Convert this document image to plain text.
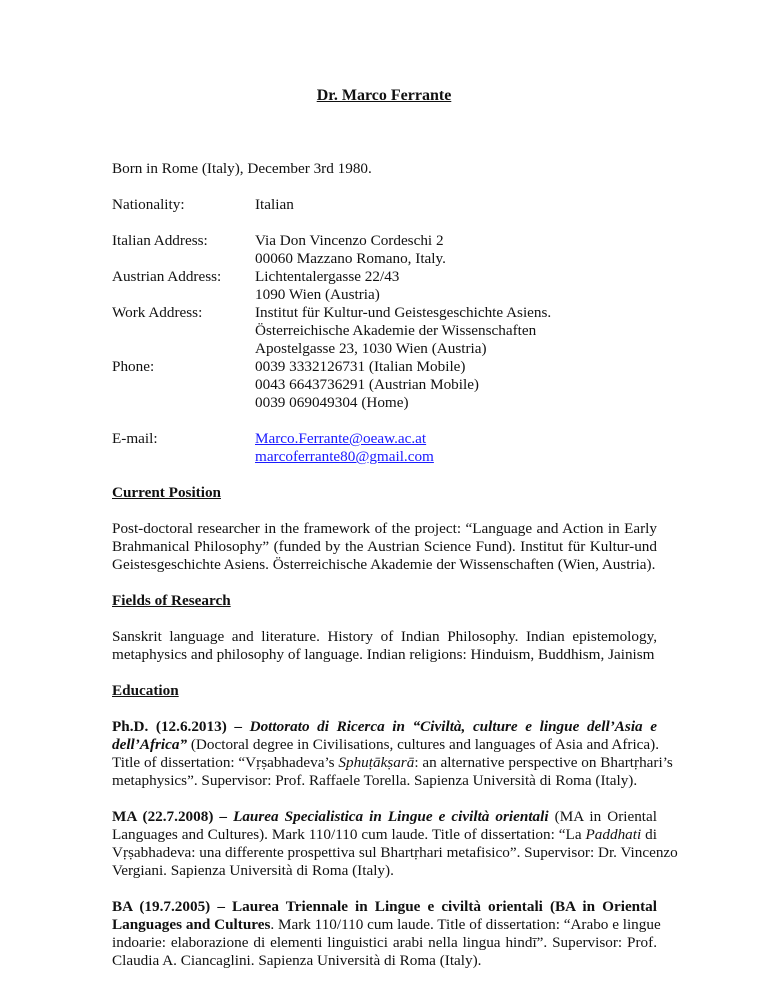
Dr. Marco Ferrante
Born in Rome (Italy), December 3rd 1980.
Nationality:	Italian
Italian Address:	Via Don Vincenzo Cordeschi 2
00060 Mazzano Romano, Italy.
Austrian Address: Lichtentalergasse 22/43
1090 Wien (Austria)
Work Address:	Institut für Kultur-und Geistesgeschichte Asiens.
Österreichische Akademie der Wissenschaften
Apostelgasse 23, 1030 Wien (Austria)
Phone:	0039 3332126731 (Italian Mobile)
0043 6643736291 (Austrian Mobile)
0039 069049304 (Home)
E-mail:	Marco.Ferrante@oeaw.ac.at
marcoferrante80@gmail.com
Current Position
Post-doctoral researcher in the framework of the project: “Language and Action in Early
Brahmanical Philosophy” (funded by the Austrian Science Fund). Institut für Kultur-und
Geistesgeschichte Asiens. Österreichische Akademie der Wissenschaften (Wien, Austria).
Fields of Research
Sanskrit language and literature. History of Indian Philosophy. Indian epistemology,
metaphysics and philosophy of language. Indian religions: Hinduism, Buddhism, Jainism
Education
Ph.D. (12.6.2013) – Dottorato di Ricerca in “Civiltà, culture e lingue dell’Asia e
dell’Africa” (Doctoral degree in Civilisations, cultures and languages of Asia and Africa).
Title of dissertation: “Vṛṣabhadeva’s Sphuṭākṣarā: an alternative perspective on Bhartṛhari’s
metaphysics”. Supervisor: Prof. Raffaele Torella. Sapienza Università di Roma (Italy).
MA (22.7.2008) – Laurea Specialistica in Lingue e civiltà orientali (MA in Oriental
Languages and Cultures). Mark 110/110 cum laude. Title of dissertation: “La Paddhati di
Vṛṣabhadeva: una differente prospettiva sul Bhartṛhari metafisico”. Supervisor: Dr. Vincenzo
Vergiani. Sapienza Università di Roma (Italy).
BA (19.7.2005) – Laurea Triennale in Lingue e civiltà orientali (BA in Oriental
Languages and Cultures. Mark 110/110 cum laude. Title of dissertation: “Arabo e lingue
indoarie: elaborazione di elementi linguistici arabi nella lingua hindī”. Supervisor: Prof.
Claudia A. Ciancaglini. Sapienza Università di Roma (Italy).
